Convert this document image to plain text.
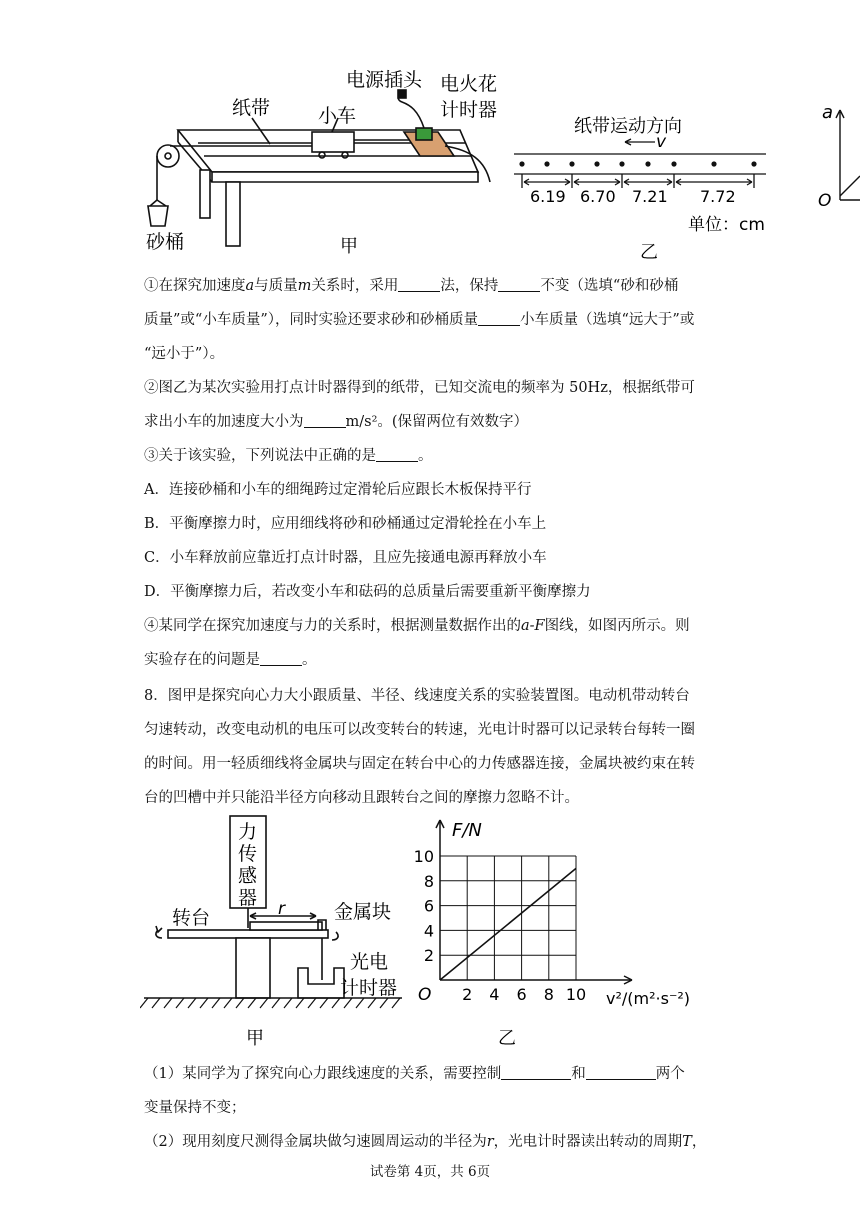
纸带	小车
电源插头 电火花
计时器
砂桶	甲
纸带运动方向
v
6.19 6.70 7.21 7.72
单位：cm
乙
a
O
①在探究加速度a与质量m关系时，采用	法，保持	不变（选填“砂和砂桶
质量”或“小车质量”），同时实验还要求砂和砂桶质量	小车质量（选填“远大于”或
“远小于”）。
②图乙为某次实验用打点计时器得到的纸带，已知交流电的频率为 50Hz，根据纸带可
求出小车的加速度大小为	m/s²。(保留两位有效数字）
③关于该实验，下列说法中正确的是	。
A．连接砂桶和小车的细绳跨过定滑轮后应跟长木板保持平行
B．平衡摩擦力时，应用细线将砂和砂桶通过定滑轮拴在小车上
C．小车释放前应靠近打点计时器，且应先接通电源再释放小车
D．平衡摩擦力后，若改变小车和砝码的总质量后需要重新平衡摩擦力
④某同学在探究加速度与力的关系时，根据测量数据作出的a-F图线，如图丙所示。则
实验存在的问题是	。
8．图甲是探究向心力大小跟质量、半径、线速度关系的实验装置图。电动机带动转台
匀速转动，改变电动机的电压可以改变转台的转速，光电计时器可以记录转台每转一圈
的时间。用一轻质细线将金属块与固定在转台中心的力传感器连接，金属块被约束在转
台的凹槽中并只能沿半径方向移动且跟转台之间的摩擦力忽略不计。
力
传
感
器
转台	r	金属块
光电
计时器
甲
2 4 6 8 10
2
4
6
8
10
F/N
v²/(m²·s⁻²)
O
乙
（1）某同学为了探究向心力跟线速度的关系，需要控制	和	两个
变量保持不变；
（2）现用刻度尺测得金属块做匀速圆周运动的半径为r，光电计时器读出转动的周期T，
试卷第 4页，共 6页
